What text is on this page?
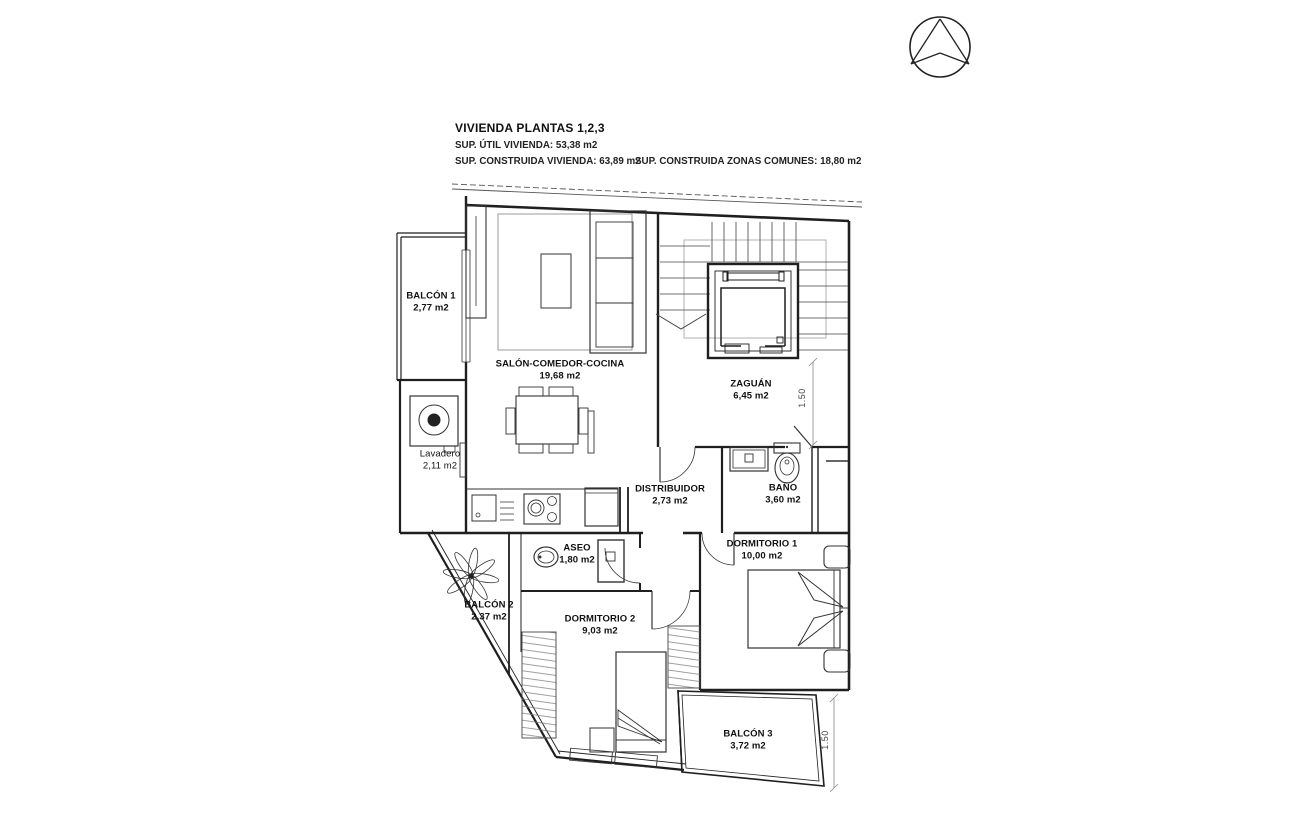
VIVIENDA PLANTAS 1,2,3
SUP. ÚTIL VIVIENDA: 53,38 m2
SUP. CONSTRUIDA VIVIENDA: 63,89 m2
SUP. CONSTRUIDA ZONAS COMUNES: 18,80 m2
BALCÓN 1
2,77 m2
SALÓN-COMEDOR-COCINA
19,68 m2
ZAGUÁN
6,45 m2
Lavadero
2,11 m2
DISTRIBUIDOR
2,73 m2
BAÑO
3,60 m2
ASEO
1,80 m2
DORMITORIO 1
10,00 m2
BALCÓN 2
2,37 m2	DORMITORIO 2
9,03 m2
BALCÓN 3
3,72 m2
1.50
1.50
